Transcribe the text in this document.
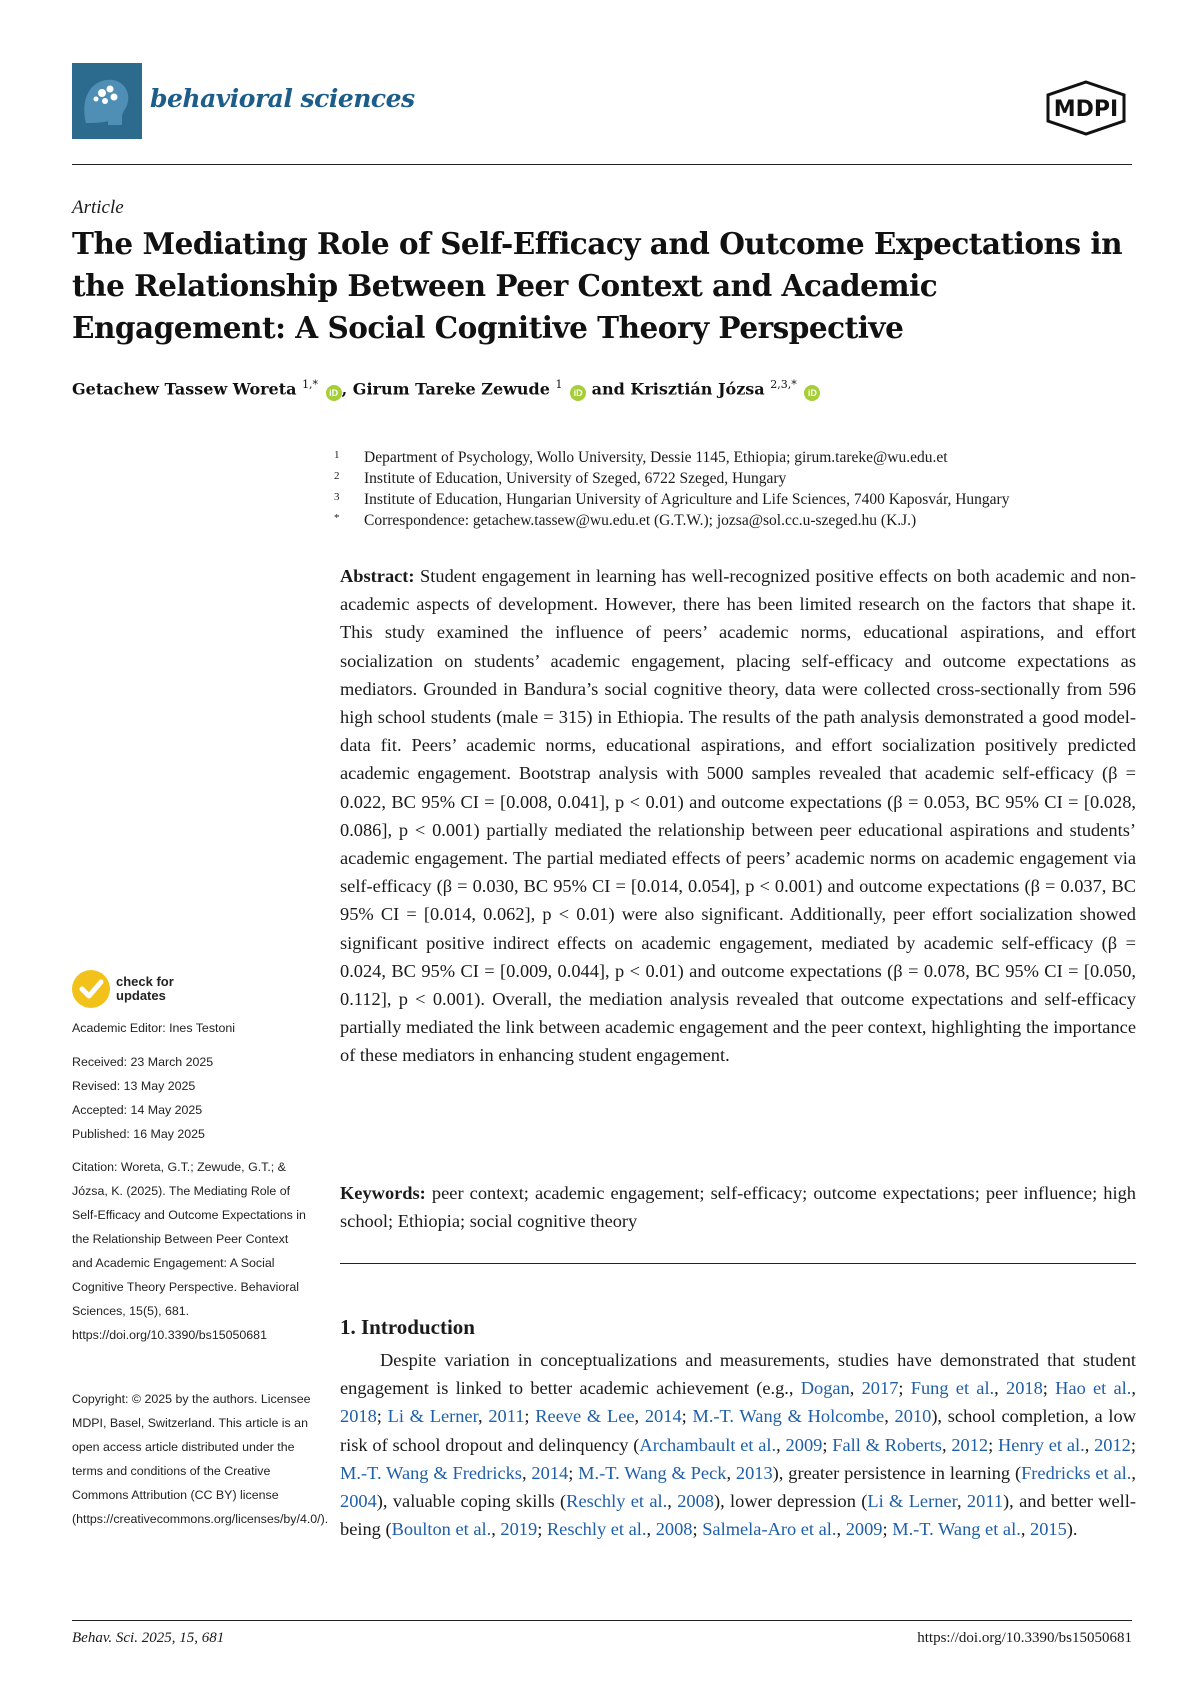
behavioral sciences	MDPI
Article
The Mediating Role of Self-Efficacy and Outcome Expectations in the Relationship Between Peer Context and Academic Engagement: A Social Cognitive Theory Perspective
Getachew Tassew Woreta $^{1,*}$ iD , Girum Tareke Zewude $^1$ iD and Krisztián Józsa $^{2,3,*}$ iD
1 Department of Psychology, Wollo University, Dessie 1145, Ethiopia; girum.tareke@wu.edu.et
2 Institute of Education, University of Szeged, 6722 Szeged, Hungary
3 Institute of Education, Hungarian University of Agriculture and Life Sciences, 7400 Kaposvár, Hungary
* Correspondence: getachew.tassew@wu.edu.et (G.T.W.); jozsa@sol.cc.u-szeged.hu (K.J.)

Abstract: Student engagement in learning has well-recognized positive effects on both academic and non-academic aspects of development. However, there has been limited research on the factors that shape it. This study examined the influence of peers’ academic norms, educational aspirations, and effort socialization on students’ academic engagement, placing self-efficacy and outcome expectations as mediators. Grounded in Bandura’s social cognitive theory, data were collected cross-sectionally from 596 high school students (male = 315) in Ethiopia. The results of the path analysis demonstrated a good model-data fit. Peers’ academic norms, educational aspirations, and effort socialization positively predicted academic engagement. Bootstrap analysis with 5000 samples revealed that academic self-efficacy (β = 0.022, BC 95% CI = [0.008, 0.041], p < 0.01) and outcome expectations (β = 0.053, BC 95% CI = [0.028, 0.086], p < 0.001) partially mediated the relationship between peer educational aspirations and students’ academic engagement. The partial mediated effects of peers’ academic norms on academic engagement via self-efficacy (β = 0.030, BC 95% CI = [0.014, 0.054], p < 0.001) and outcome expectations (β = 0.037, BC 95% CI = [0.014, 0.062], p < 0.01) were also significant. Additionally, peer effort socialization showed significant positive indirect effects on academic engagement, mediated by academic self-efficacy (β = 0.024, BC 95% CI = [0.009, 0.044], p < 0.01) and outcome expectations (β = 0.078, BC 95% CI = [0.050, 0.112], p < 0.001). Overall, the mediation analysis revealed that outcome expectations and self-efficacy partially mediated the link between academic engagement and the peer context, highlighting the importance of these mediators in enhancing student engagement.

Keywords: peer context; academic engagement; self-efficacy; outcome expectations; peer influence; high school; Ethiopia; social cognitive theory

1. Introduction

Despite variation in conceptualizations and measurements, studies have demonstrated that student engagement is linked to better academic achievement (e.g., Dogan, 2017; Fung et al., 2018; Hao et al., 2018; Li & Lerner, 2011; Reeve & Lee, 2014; M.-T. Wang & Holcombe, 2010), school completion, a low risk of school dropout and delinquency (Archambault et al., 2009; Fall & Roberts, 2012; Henry et al., 2012; M.-T. Wang & Fredricks, 2014; M.-T. Wang & Peck, 2013), greater persistence in learning (Fredricks et al., 2004), valuable coping skills (Reschly et al., 2008), lower depression (Li & Lerner, 2011), and better well-being (Boulton et al., 2019; Reschly et al., 2008; Salmela-Aro et al., 2009; M.-T. Wang et al., 2015).

check for
updates
Academic Editor: Ines Testoni
Received: 23 March 2025
Revised: 13 May 2025
Accepted: 14 May 2025
Published: 16 May 2025
Citation: Woreta, G.T.; Zewude, G.T.; & Józsa, K. (2025). The Mediating Role of Self-Efficacy and Outcome Expectations in the Relationship Between Peer Context and Academic Engagement: A Social Cognitive Theory Perspective. Behavioral Sciences, 15(5), 681. https://doi.org/10.3390/bs15050681
Copyright: © 2025 by the authors. Licensee MDPI, Basel, Switzerland. This article is an open access article distributed under the terms and conditions of the Creative Commons Attribution (CC BY) license (https://creativecommons.org/licenses/by/4.0/).
Behav. Sci. 2025, 15, 681	https://doi.org/10.3390/bs15050681
